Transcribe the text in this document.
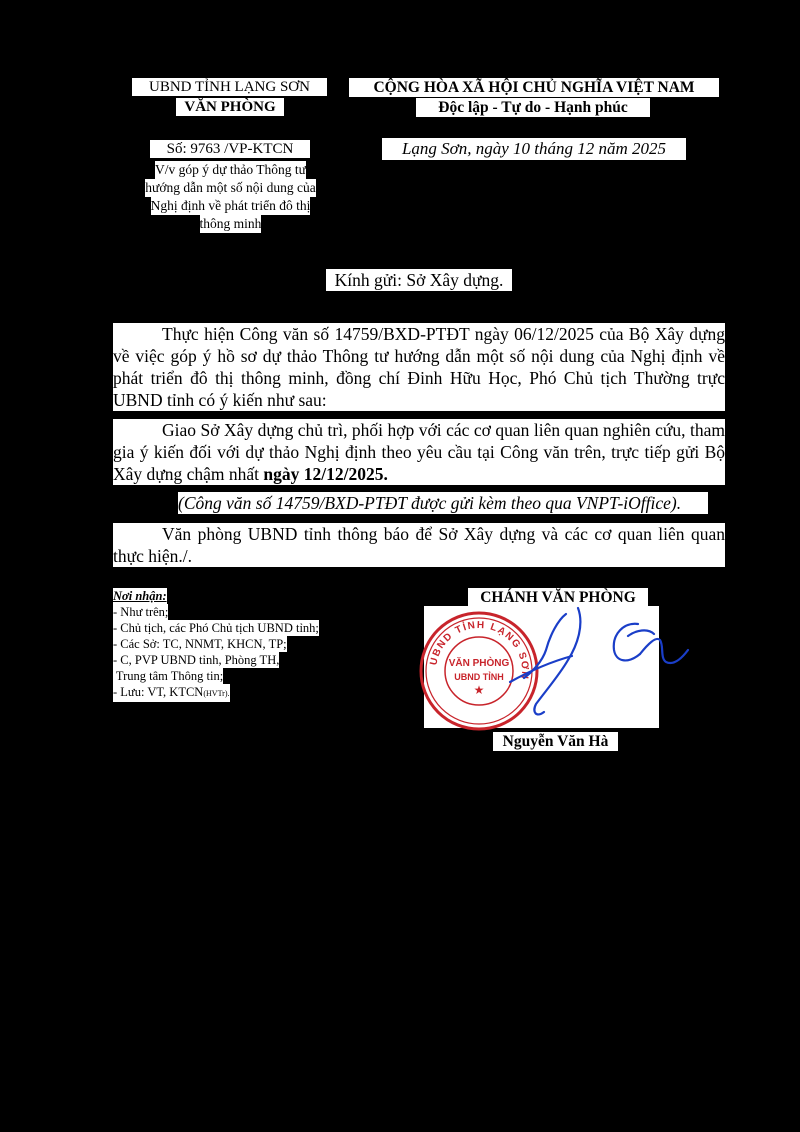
UBND TỈNH LẠNG SƠN
VĂN PHÒNG
Số: 9763 /VP-KTCN
V/v góp ý dự thảo Thông tư
hướng dẫn một số nội dung của
Nghị định về phát triển đô thị
thông minh
CỘNG HÒA XÃ HỘI CHỦ NGHĨA VIỆT NAM
Độc lập - Tự do - Hạnh phúc
Lạng Sơn, ngày 10 tháng 12 năm 2025
Kính gửi: Sở Xây dựng.
Thực hiện Công văn số 14759/BXD-PTĐT ngày 06/12/2025 của Bộ Xây dựng về việc góp ý hồ sơ dự thảo Thông tư hướng dẫn một số nội dung của Nghị định về phát triển đô thị thông minh, đồng chí Đinh Hữu Học, Phó Chủ tịch Thường trực UBND tỉnh có ý kiến như sau:
Giao Sở Xây dựng chủ trì, phối hợp với các cơ quan liên quan nghiên cứu, tham gia ý kiến đối với dự thảo Nghị định theo yêu cầu tại Công văn trên, trực tiếp gửi Bộ Xây dựng chậm nhất ngày 12/12/2025.
(Công văn số 14759/BXD-PTĐT được gửi kèm theo qua VNPT-iOffice).
Văn phòng UBND tỉnh thông báo để Sở Xây dựng và các cơ quan liên quan thực hiện./.
Nơi nhận:
- Như trên;
- Chủ tịch, các Phó Chủ tịch UBND tỉnh;
- Các Sở: TC, NNMT, KHCN, TP;
- C, PVP UBND tỉnh, Phòng TH,
Trung tâm Thông tin;
- Lưu: VT, KTCN(HVTr).
CHÁNH VĂN PHÒNG
UBND TỈNH LẠNG SƠN
VĂN PHÒNG
UBND TỈNH
★
Nguyễn Văn Hà
